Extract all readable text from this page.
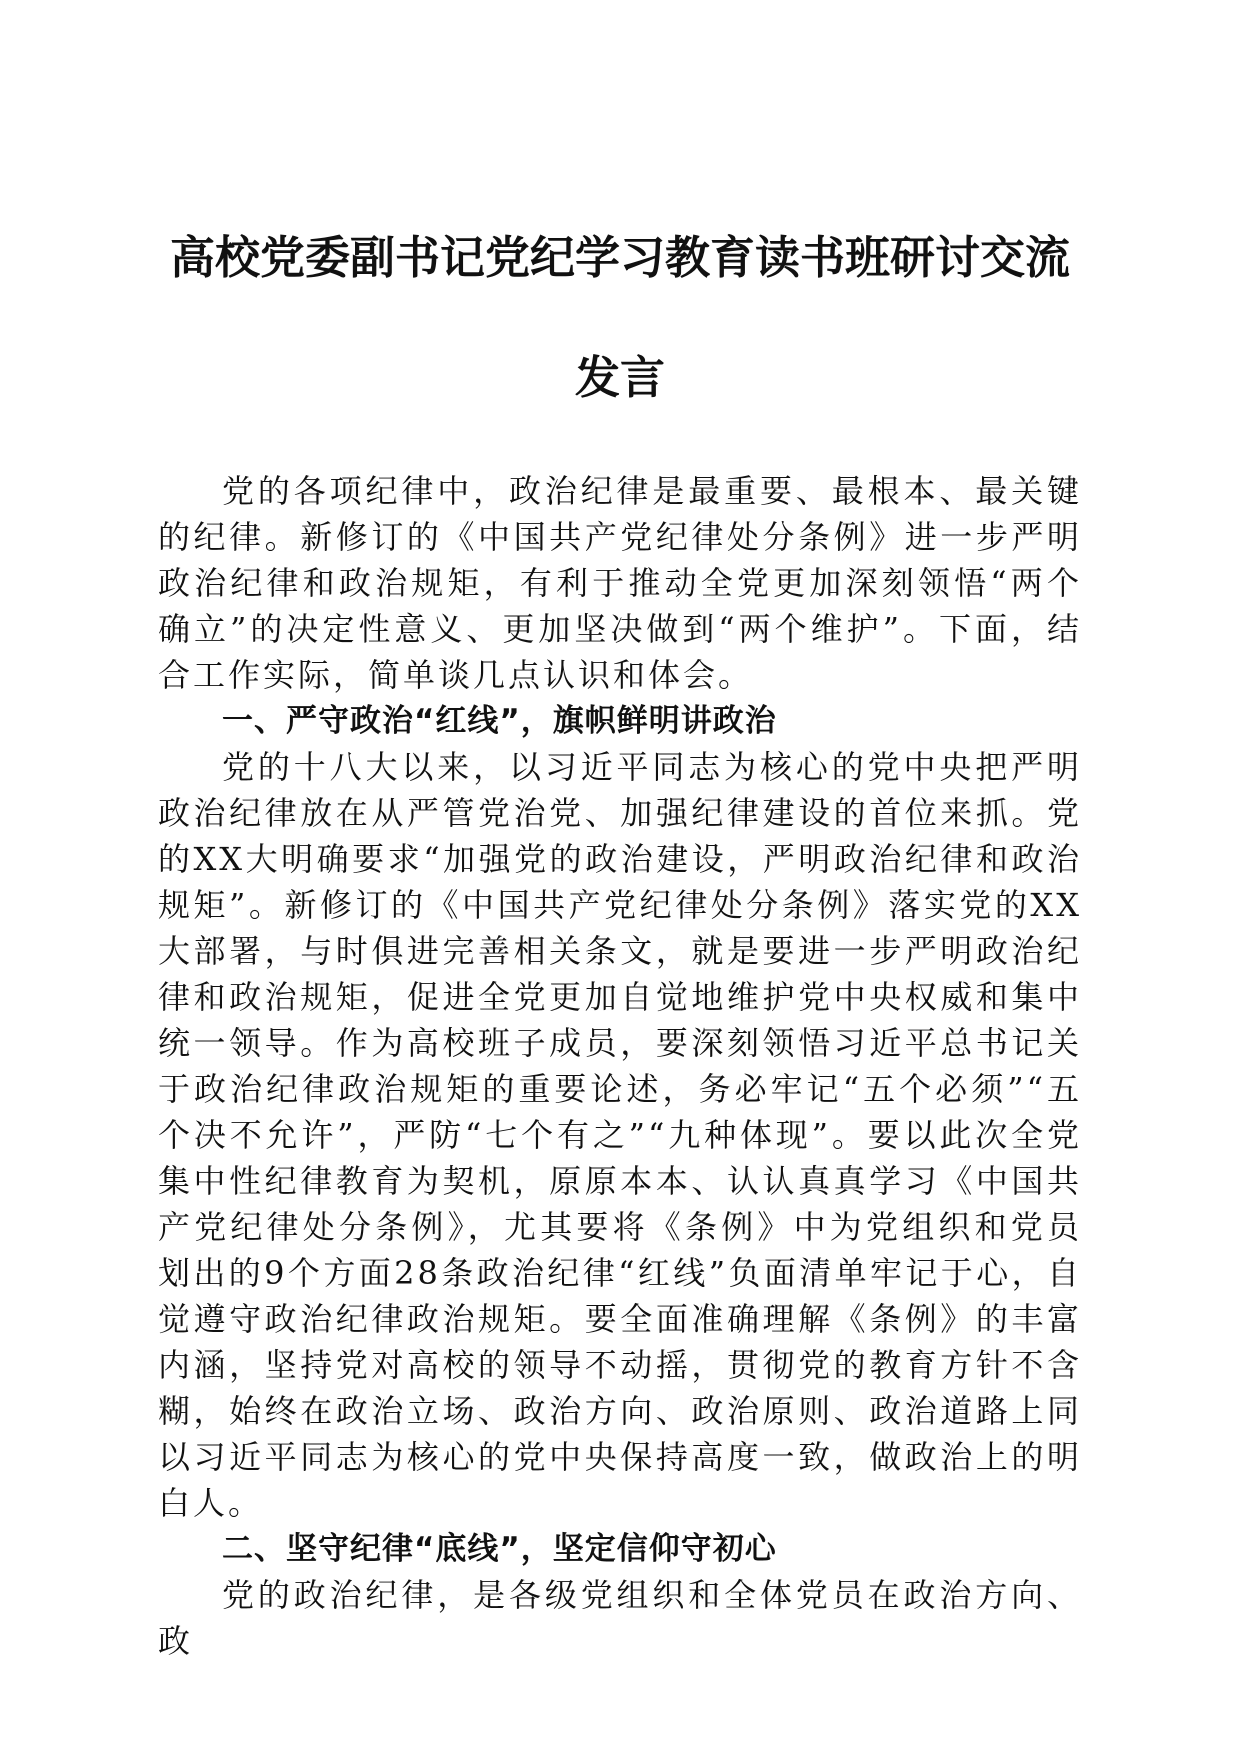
高校党委副书记党纪学习教育读书班研讨交流
发言

党的各项纪律中，政治纪律是最重要、最根本、最关键的纪律。新修订的《中国共产党纪律处分条例》进一步严明政治纪律和政治规矩，有利于推动全党更加深刻领悟“两个确立”的决定性意义、更加坚决做到“两个维护”。下面，结合工作实际，简单谈几点认识和体会。

一、严守政治“红线”，旗帜鲜明讲政治

党的十八大以来，以习近平同志为核心的党中央把严明政治纪律放在从严管党治党、加强纪律建设的首位来抓。党的XX大明确要求“加强党的政治建设，严明政治纪律和政治规矩”。新修订的《中国共产党纪律处分条例》落实党的XX大部署，与时俱进完善相关条文，就是要进一步严明政治纪律和政治规矩，促进全党更加自觉地维护党中央权威和集中统一领导。作为高校班子成员，要深刻领悟习近平总书记关于政治纪律政治规矩的重要论述，务必牢记“五个必须”“五个决不允许”，严防“七个有之”“九种体现”。要以此次全党集中性纪律教育为契机，原原本本、认认真真学习《中国共产党纪律处分条例》，尤其要将《条例》中为党组织和党员划出的9个方面28条政治纪律“红线”负面清单牢记于心，自觉遵守政治纪律政治规矩。要全面准确理解《条例》的丰富内涵，坚持党对高校的领导不动摇，贯彻党的教育方针不含糊，始终在政治立场、政治方向、政治原则、政治道路上同以习近平同志为核心的党中央保持高度一致，做政治上的明白人。

二、坚守纪律“底线”，坚定信仰守初心

党的政治纪律，是各级党组织和全体党员在政治方向、政
